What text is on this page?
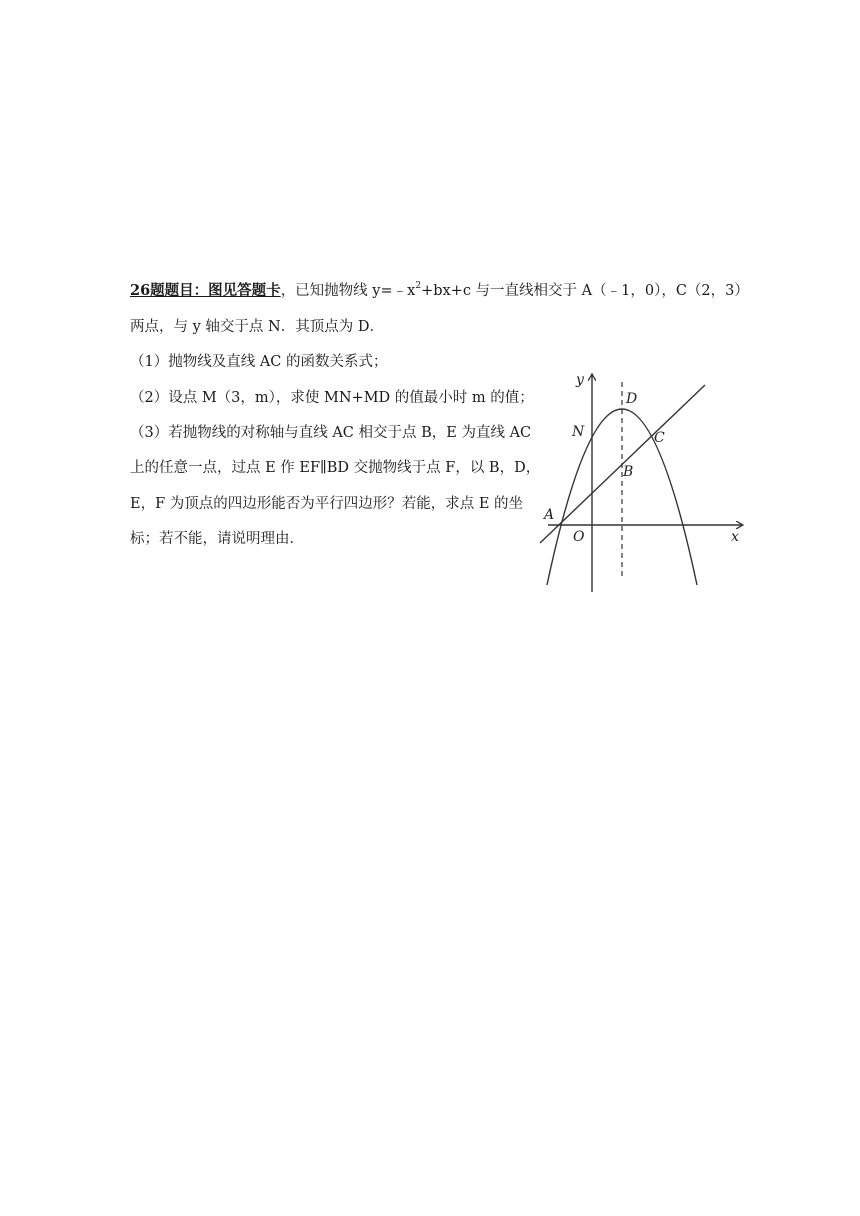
26题题目：图见答题卡，已知抛物线 $y=﹣x^2+bx+c$ 与一直线相交于 A（﹣1，0），C（2，3）
两点，与 y 轴交于点 N．其顶点为 D．
（1）抛物线及直线 AC 的函数关系式；
（2）设点 M（3，m），求使 MN+MD 的值最小时 m 的值；
（3）若抛物线的对称轴与直线 AC 相交于点 B，E 为直线 AC
上的任意一点，过点 E 作 EF∥BD 交抛物线于点 F，以 B，D，
E，F 为顶点的四边形能否为平行四边形？若能，求点 E 的坐
标；若不能，请说明理由．
y
x
O
A
N
D
C
B
